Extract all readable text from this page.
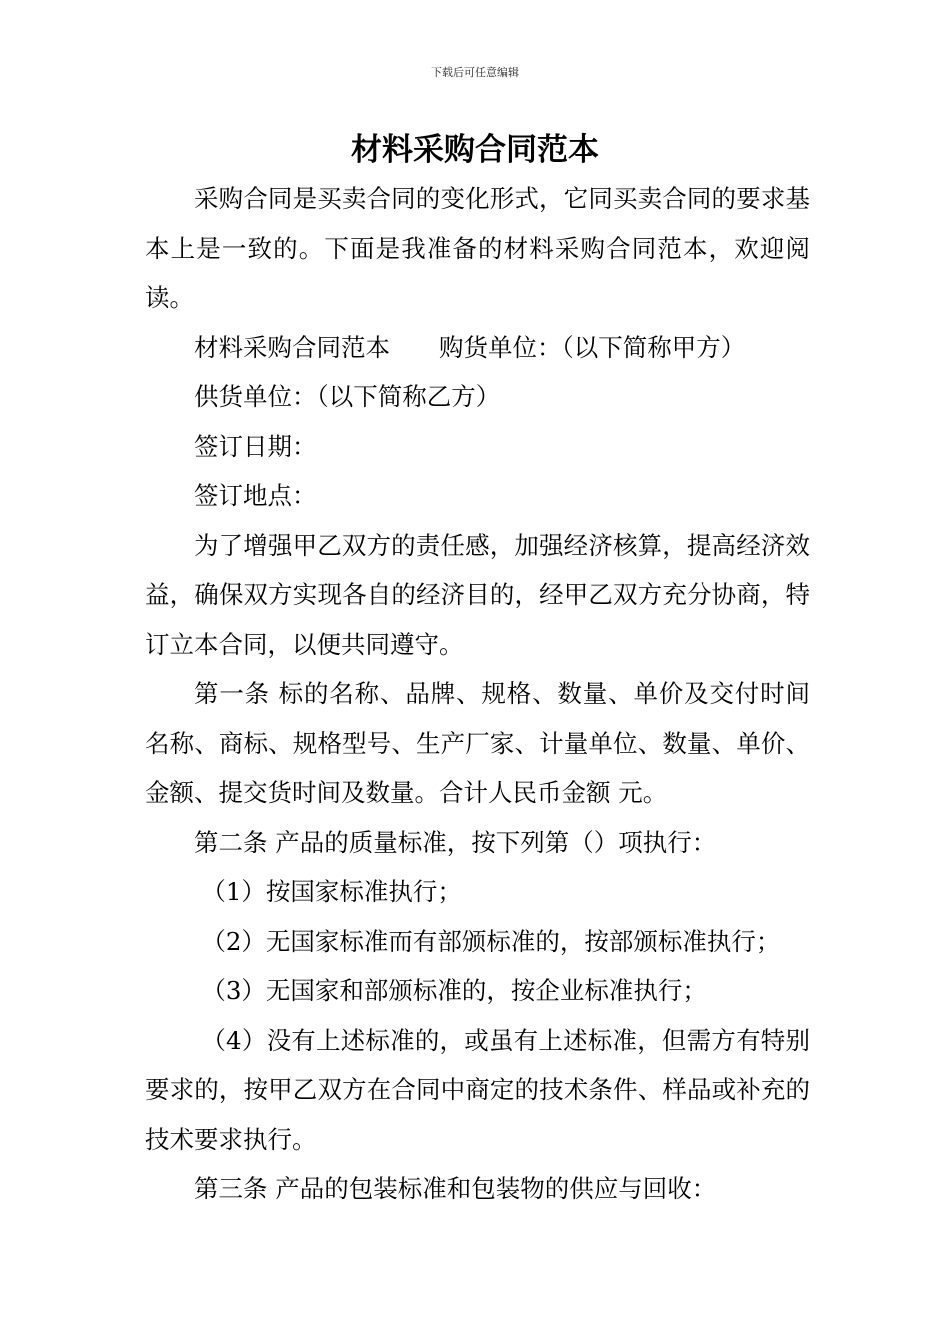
下载后可任意编辑
材料采购合同范本

采购合同是买卖合同的变化形式，它同买卖合同的要求基本上是一致的。下面是我准备的材料采购合同范本，欢迎阅读。

材料采购合同范本　　购货单位：（以下简称甲方）

供货单位：（以下简称乙方）

签订日期：

签订地点：

为了增强甲乙双方的责任感，加强经济核算，提高经济效益，确保双方实现各自的经济目的，经甲乙双方充分协商，特订立本合同，以便共同遵守。

第一条 标的名称、品牌、规格、数量、单价及交付时间名称、商标、规格型号、生产厂家、计量单位、数量、单价、金额、提交货时间及数量。合计人民币金额 元。

第二条 产品的质量标准，按下列第（）项执行：

（1）按国家标准执行；

（2）无国家标准而有部颁标准的，按部颁标准执行；

（3）无国家和部颁标准的，按企业标准执行；

（4）没有上述标准的，或虽有上述标准，但需方有特别要求的，按甲乙双方在合同中商定的技术条件、样品或补充的技术要求执行。

第三条 产品的包装标准和包装物的供应与回收：
